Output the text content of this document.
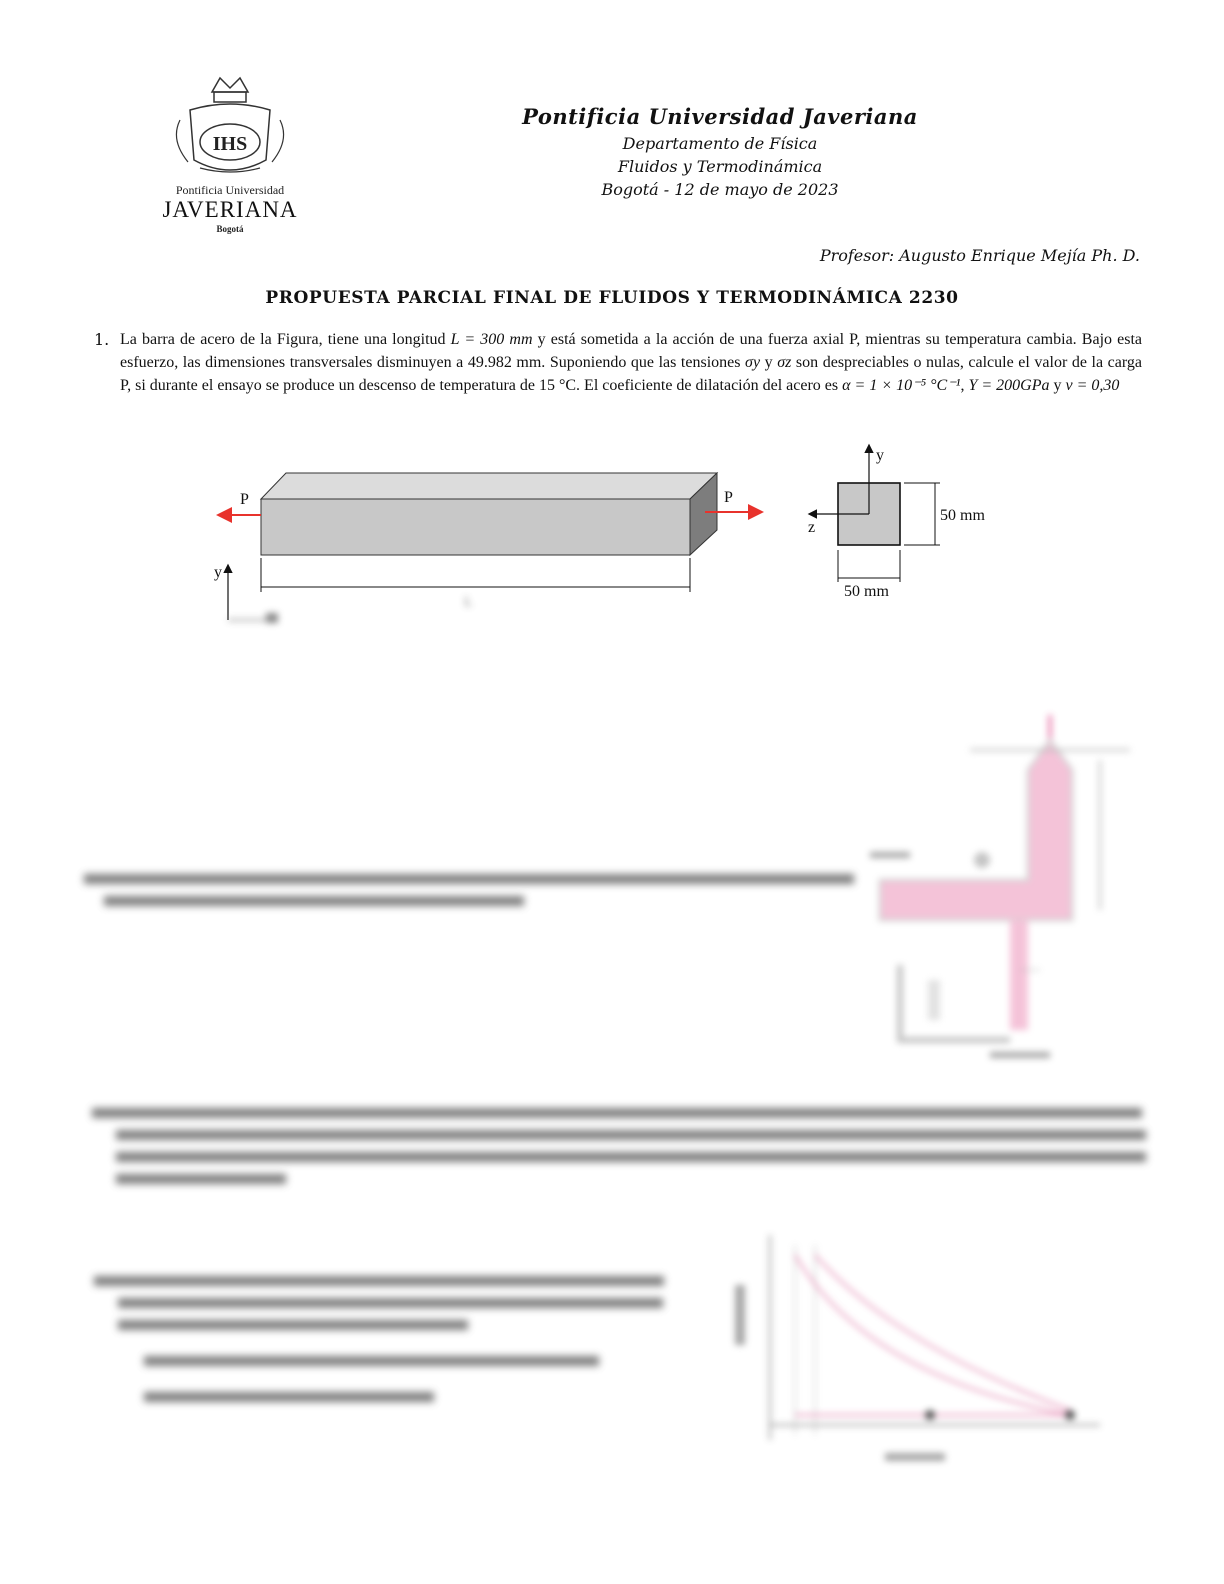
IHS
Pontificia Universidad
JAVERIANA
Bogotá
Pontificia Universidad Javeriana
Departamento de Física
Fluidos y Termodinámica
Bogotá - 12 de mayo de 2023
Profesor: Augusto Enrique Mejía Ph. D.
PROPUESTA PARCIAL FINAL DE FLUIDOS Y TERMODINÁMICA 2230
1. La barra de acero de la Figura, tiene una longitud L = 300 mm y está sometida a la acción de una fuerza axial P, mientras su temperatura cambia. Bajo esta esfuerzo, las dimensiones transversales disminuyen a 49.982 mm. Suponiendo que las tensiones σy y σz son despreciables o nulas, calcule el valor de la carga P, si durante el ensayo se produce un descenso de temperatura de 15 °C. El coeficiente de dilatación del acero es α = 1 × 10⁻⁵ °C⁻¹, Y = 200GPa y ν = 0,30
P	P
L
y
y
z
50 mm
50 mm
